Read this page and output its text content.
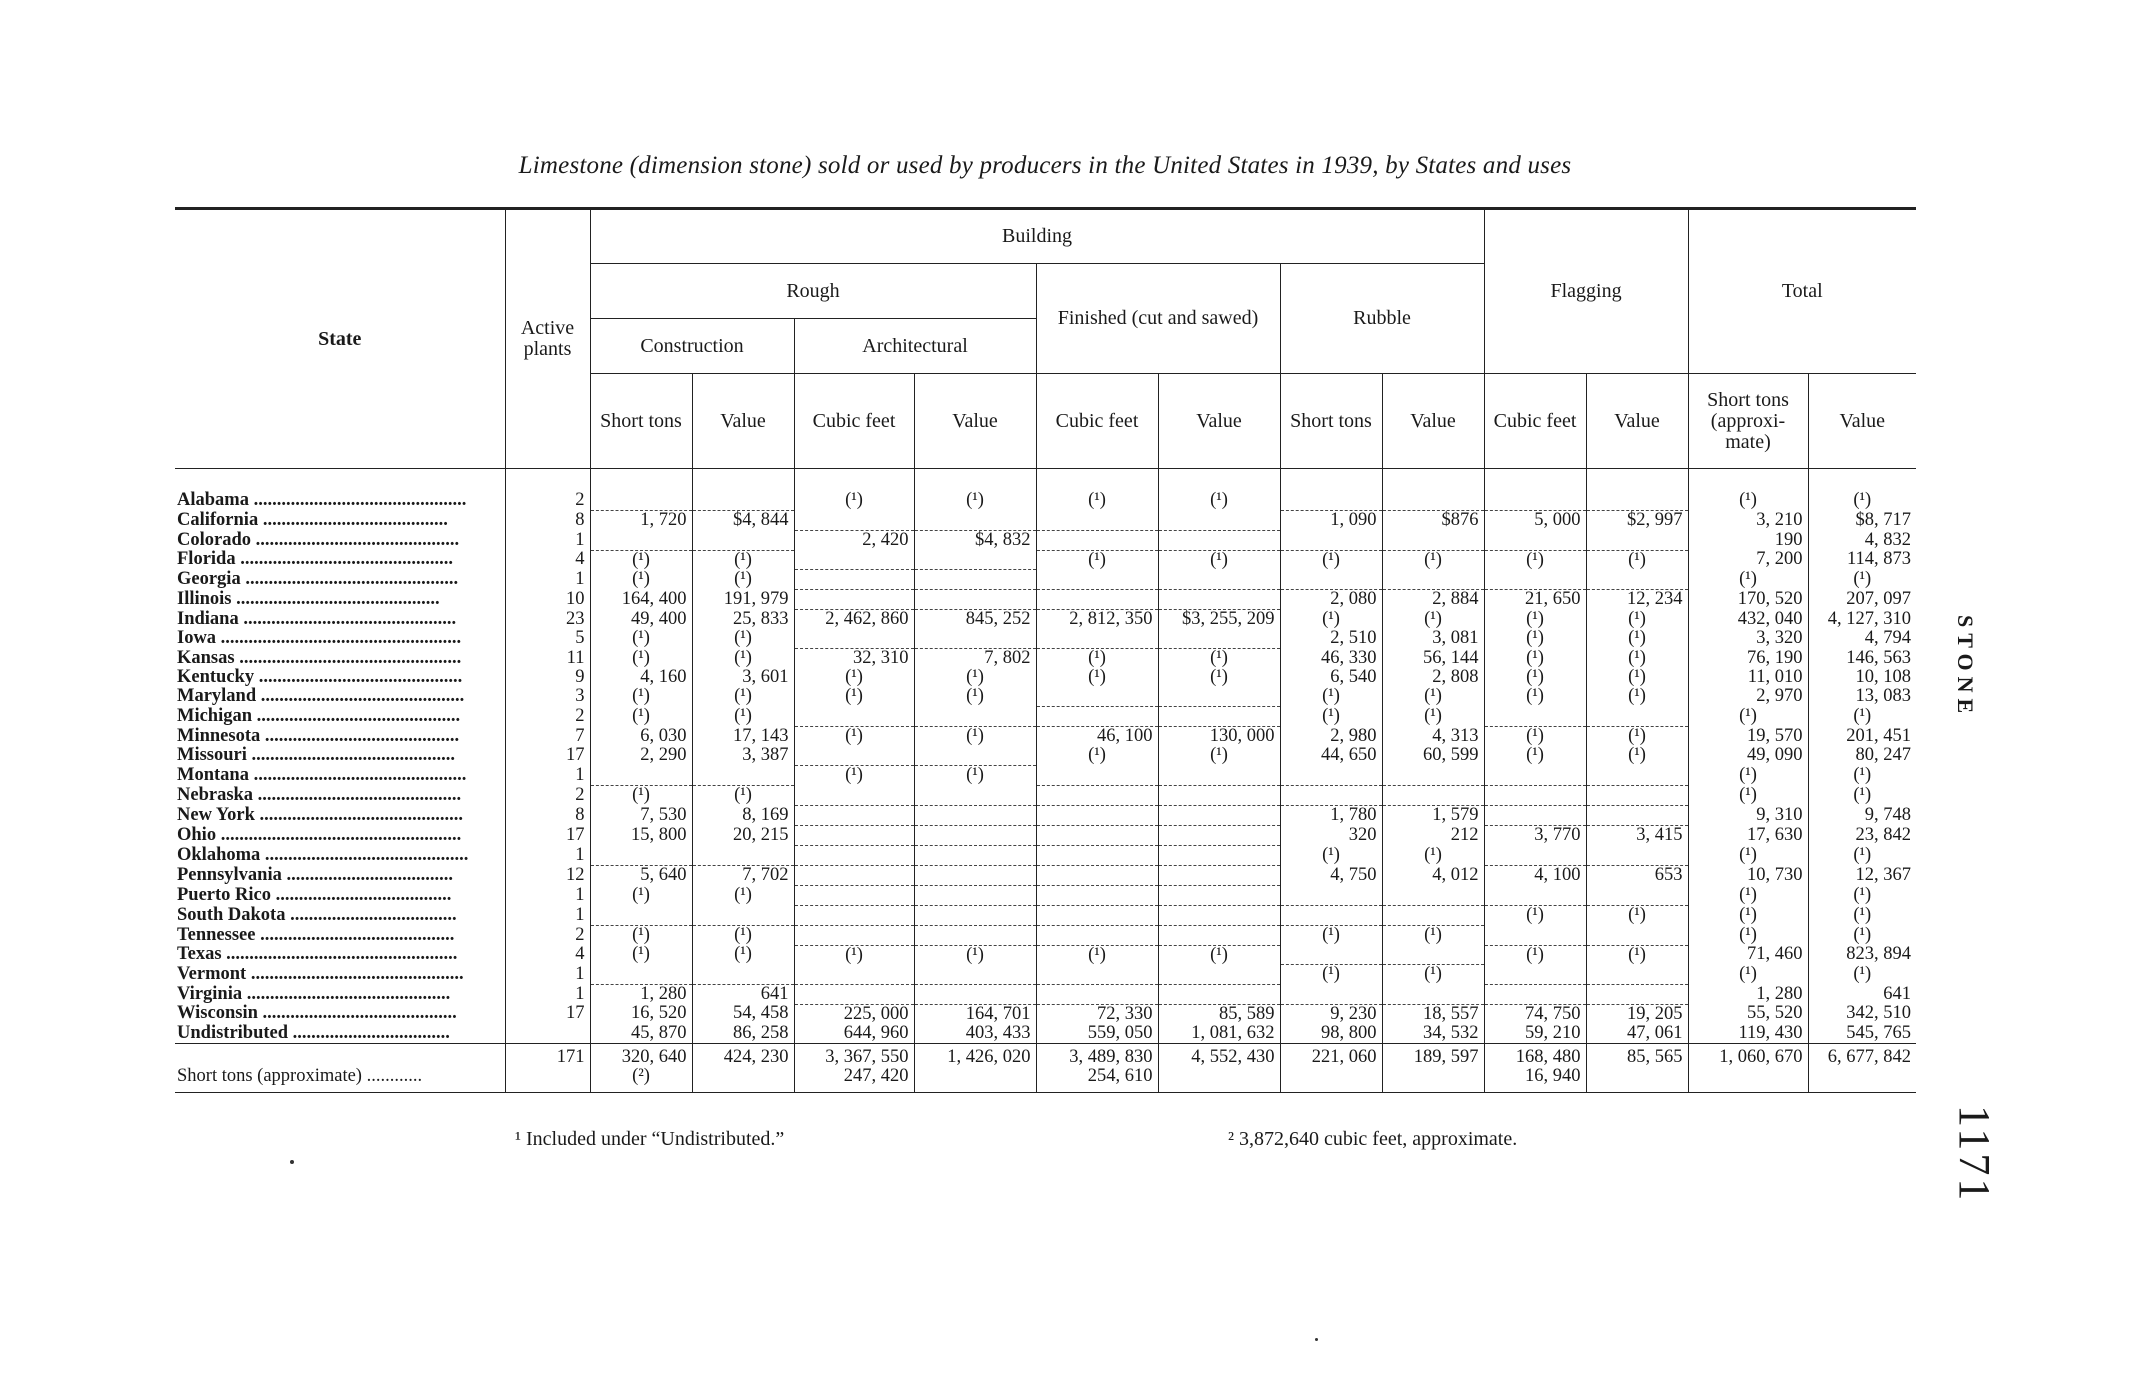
Limestone (dimension stone) sold or used by producers in the United States in 1939, by States and uses
STONE
1171
State	Active plants	Building								Flagging		Total	
		Rough				Finished (cut and sawed)		Rubble					
		Construction		Architectural									
		Short tons	Value	Cubic feet	Value	Cubic feet	Value	Short tons	Value	Cubic feet	Value	Short tons (approxi-mate)	Value

Alabama ..............................................	2			(¹)	(¹)	(¹)	(¹)					(¹)	(¹)
California ........................................	8	1, 720	$4, 844					1, 090	$876	5, 000	$2, 997	3, 210	$8, 717
Colorado ............................................	1			2, 420	$4, 832							190	4, 832
Florida ..............................................	4	(¹)	(¹)			(¹)	(¹)	(¹)	(¹)	(¹)	(¹)	7, 200	114, 873
Georgia ..............................................	1	(¹)	(¹)									(¹)	(¹)
Illinois ............................................	10	164, 400	191, 979					2, 080	2, 884	21, 650	12, 234	170, 520	207, 097
Indiana ..............................................	23	49, 400	25, 833	2, 462, 860	845, 252	2, 812, 350	$3, 255, 209	(¹)	(¹)	(¹)	(¹)	432, 040	4, 127, 310
Iowa ....................................................	5	(¹)	(¹)					2, 510	3, 081	(¹)	(¹)	3, 320	4, 794
Kansas ................................................	11	(¹)	(¹)	32, 310	7, 802	(¹)	(¹)	46, 330	56, 144	(¹)	(¹)	76, 190	146, 563
Kentucky ............................................	9	4, 160	3, 601	(¹)	(¹)	(¹)	(¹)	6, 540	2, 808	(¹)	(¹)	11, 010	10, 108
Maryland ............................................	3	(¹)	(¹)	(¹)	(¹)			(¹)	(¹)	(¹)	(¹)	2, 970	13, 083
Michigan ............................................	2	(¹)	(¹)					(¹)	(¹)			(¹)	(¹)
Minnesota ..........................................	7	6, 030	17, 143	(¹)	(¹)	46, 100	130, 000	2, 980	4, 313	(¹)	(¹)	19, 570	201, 451
Missouri ............................................	17	2, 290	3, 387			(¹)	(¹)	44, 650	60, 599	(¹)	(¹)	49, 090	80, 247
Montana ..............................................	1			(¹)	(¹)							(¹)	(¹)
Nebraska ............................................	2	(¹)	(¹)									(¹)	(¹)
New York ............................................	8	7, 530	8, 169					1, 780	1, 579			9, 310	9, 748
Ohio ....................................................	17	15, 800	20, 215					320	212	3, 770	3, 415	17, 630	23, 842
Oklahoma ............................................	1							(¹)	(¹)			(¹)	(¹)
Pennsylvania ....................................	12	5, 640	7, 702					4, 750	4, 012	4, 100	653	10, 730	12, 367
Puerto Rico ......................................	1	(¹)	(¹)									(¹)	(¹)
South Dakota ....................................	1									(¹)	(¹)	(¹)	(¹)
Tennessee ..........................................	2	(¹)	(¹)					(¹)	(¹)			(¹)	(¹)
Texas ..................................................	4	(¹)	(¹)	(¹)	(¹)	(¹)	(¹)			(¹)	(¹)	71, 460	823, 894
Vermont ..............................................	1							(¹)	(¹)			(¹)	(¹)
Virginia ............................................	1	1, 280	641									1, 280	641
Wisconsin ..........................................	17	16, 520	54, 458	225, 000	164, 701	72, 330	85, 589	9, 230	18, 557	74, 750	19, 205	55, 520	342, 510
Undistributed ..................................		45, 870	86, 258	644, 960	403, 433	559, 050	1, 081, 632	98, 800	34, 532	59, 210	47, 061	119, 430	545, 765
	171	320, 640	424, 230	3, 367, 550	1, 426, 020	3, 489, 830	4, 552, 430	221, 060	189, 597	168, 480	85, 565	1, 060, 670	6, 677, 842
Short tons (approximate) ............		(²)		247, 420		254, 610				16, 940			
¹ Included under “Undistributed.”	² 3,872,640 cubic feet, approximate.
